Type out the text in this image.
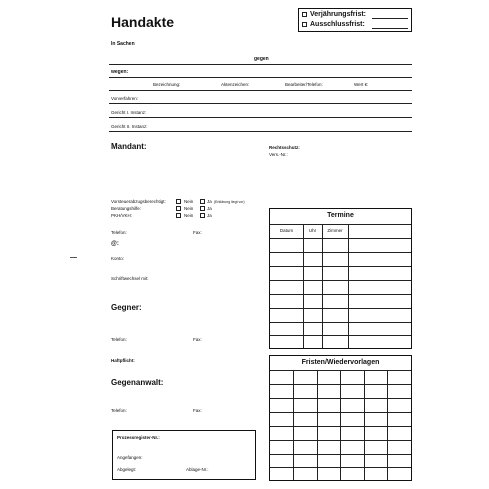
Handakte	Verjährungsfrist:
Ausschlussfrist:
In Sachen
gegen
wegen:
Bezeichnung:	Aktenzeichen:	Bearbeiter/Telefon:	Wert €:
Vorverfahren:
Gericht I. Instanz:
Gericht II. Instanz:
Mandant:	Rechtsschutz:
Vers.-Nr.:
Vorsteuerabzugsberechtigt:	Nein	Ja (Erklärung liegt vor)
Beratungshilfe:	Nein	Ja
PKH/VKH:	Nein	Ja
Telefon:	Fax:
@:
Konto:
Schriftwechsel mit:
Gegner:
Telefon:	Fax:
Haftpflicht:
Gegenanwalt:
Telefon:	Fax:
Prozessregister-Nr.:
Angefangen:
Abgelegt:	Ablage-Nr.:
Termine
Datum	Uhr	Zimmer
Fristen/Wiedervorlagen
